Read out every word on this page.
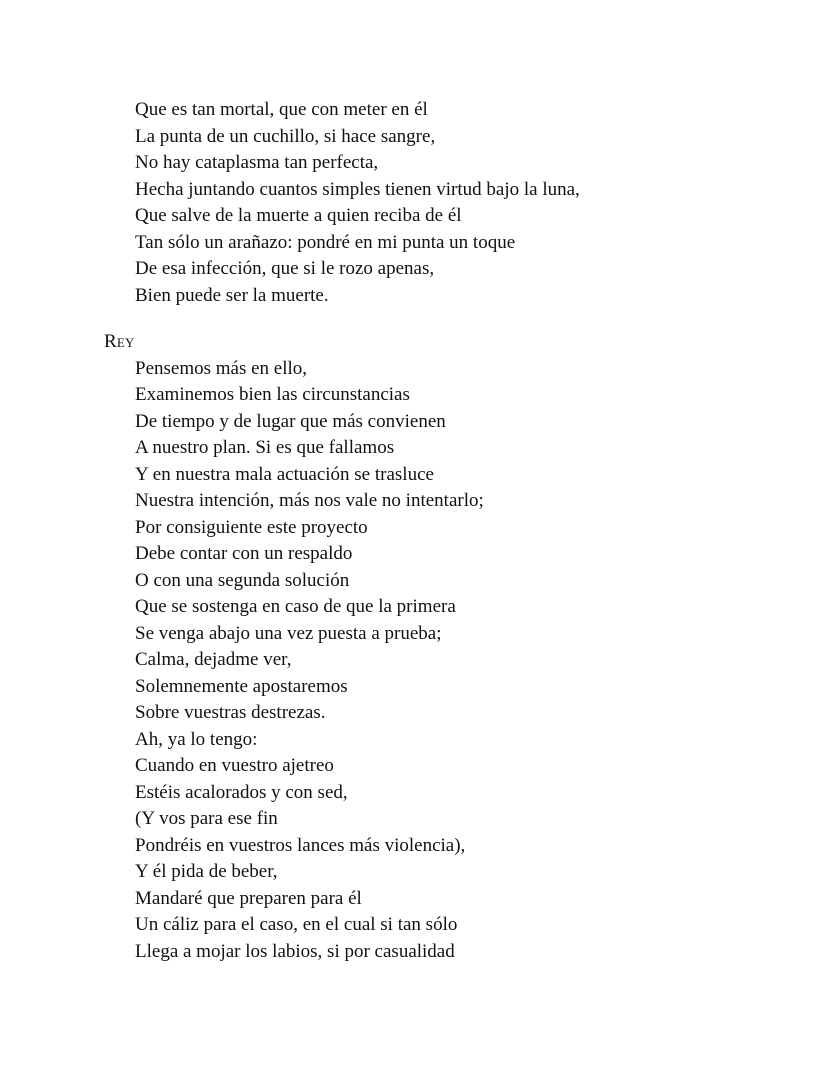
Que es tan mortal, que con meter en él
La punta de un cuchillo, si hace sangre,
No hay cataplasma tan perfecta,
Hecha juntando cuantos simples tienen virtud bajo la luna,
Que salve de la muerte a quien reciba de él
Tan sólo un arañazo: pondré en mi punta un toque
De esa infección, que si le rozo apenas,
Bien puede ser la muerte.
Rey
Pensemos más en ello,
Examinemos bien las circunstancias
De tiempo y de lugar que más convienen
A nuestro plan. Si es que fallamos
Y en nuestra mala actuación se trasluce
Nuestra intención, más nos vale no intentarlo;
Por consiguiente este proyecto
Debe contar con un respaldo
O con una segunda solución
Que se sostenga en caso de que la primera
Se venga abajo una vez puesta a prueba;
Calma, dejadme ver,
Solemnemente apostaremos
Sobre vuestras destrezas.
Ah, ya lo tengo:
Cuando en vuestro ajetreo
Estéis acalorados y con sed,
(Y vos para ese fin
Pondréis en vuestros lances más violencia),
Y él pida de beber,
Mandaré que preparen para él
Un cáliz para el caso, en el cual si tan sólo
Llega a mojar los labios, si por casualidad
